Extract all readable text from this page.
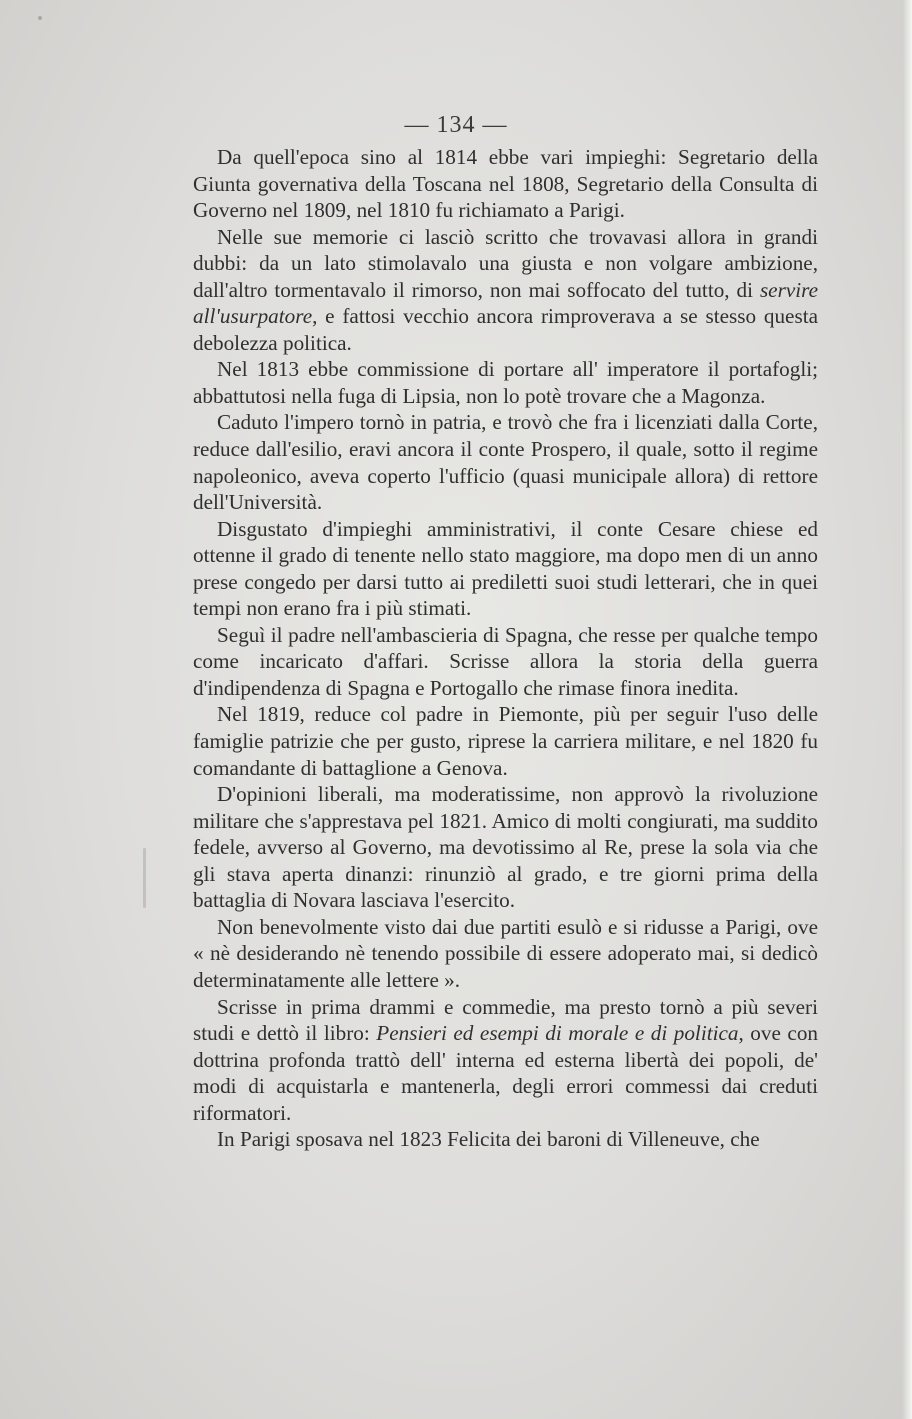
— 134 —

Da quell'epoca sino al 1814 ebbe vari impieghi: Segretario della Giunta governativa della Toscana nel 1808, Segretario della Consulta di Governo nel 1809, nel 1810 fu richiamato a Parigi.

Nelle sue memorie ci lasciò scritto che trovavasi allora in grandi dubbi: da un lato stimolavalo una giusta e non volgare ambizione, dall'altro tormentavalo il rimorso, non mai soffocato del tutto, di servire all'usurpatore, e fattosi vecchio ancora rimproverava a se stesso questa debolezza politica.

Nel 1813 ebbe commissione di portare all' imperatore il portafogli; abbattutosi nella fuga di Lipsia, non lo potè trovare che a Magonza.

Caduto l'impero tornò in patria, e trovò che fra i licenziati dalla Corte, reduce dall'esilio, eravi ancora il conte Prospero, il quale, sotto il regime napoleonico, aveva coperto l'ufficio (quasi municipale allora) di rettore dell'Università.

Disgustato d'impieghi amministrativi, il conte Cesare chiese ed ottenne il grado di tenente nello stato maggiore, ma dopo men di un anno prese congedo per darsi tutto ai prediletti suoi studi letterari, che in quei tempi non erano fra i più stimati.

Seguì il padre nell'ambascieria di Spagna, che resse per qualche tempo come incaricato d'affari. Scrisse allora la storia della guerra d'indipendenza di Spagna e Portogallo che rimase finora inedita.

Nel 1819, reduce col padre in Piemonte, più per seguir l'uso delle famiglie patrizie che per gusto, riprese la carriera militare, e nel 1820 fu comandante di battaglione a Genova.

D'opinioni liberali, ma moderatissime, non approvò la rivoluzione militare che s'apprestava pel 1821. Amico di molti congiurati, ma suddito fedele, avverso al Governo, ma devotissimo al Re, prese la sola via che gli stava aperta dinanzi: rinunziò al grado, e tre giorni prima della battaglia di Novara lasciava l'esercito.

Non benevolmente visto dai due partiti esulò e si ridusse a Parigi, ove « nè desiderando nè tenendo possibile di essere adoperato mai, si dedicò determinatamente alle lettere ».

Scrisse in prima drammi e commedie, ma presto tornò a più severi studi e dettò il libro: Pensieri ed esempi di morale e di politica, ove con dottrina profonda trattò dell' interna ed esterna libertà dei popoli, de' modi di acquistarla e mantenerla, degli errori commessi dai creduti riformatori.

In Parigi sposava nel 1823 Felicita dei baroni di Villeneuve, che
